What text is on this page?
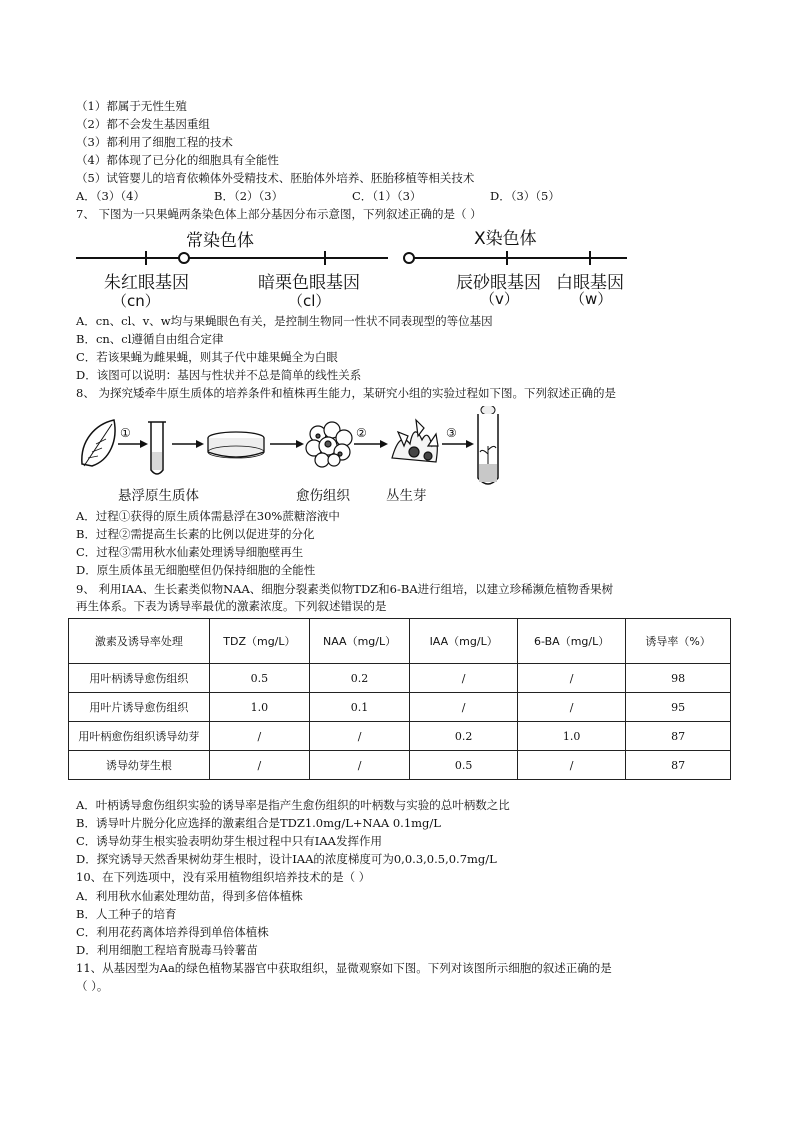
（1）都属于无性生殖
（2）都不会发生基因重组
（3）都利用了细胞工程的技术
（4）都体现了已分化的细胞具有全能性
（5）试管婴儿的培育依赖体外受精技术、胚胎体外培养、胚胎移植等相关技术
A．（3）（4）	B．（2）（3）	C．（1）（3）	D．（3）（5）
7、 下图为一只果蝇两条染色体上部分基因分布示意图，下列叙述正确的是（ ）
常染色体	X染色体
朱红眼基因
（cn）
暗栗色眼基因
（cl）
辰砂眼基因
（v）
白眼基因
（w）
A．cn、cl、v、w均与果蝇眼色有关，是控制生物同一性状不同表现型的等位基因
B．cn、cl遵循自由组合定律
C．若该果蝇为雌果蝇，则其子代中雄果蝇全为白眼
D．该图可以说明：基因与性状并不总是简单的线性关系
8、 为探究矮牵牛原生质体的培养条件和植株再生能力，某研究小组的实验过程如下图。下列叙述正确的是
①	②	③
悬浮原生质体	愈伤组织	丛生芽
A．过程①获得的原生质体需悬浮在30%蔗糖溶液中
B．过程②需提高生长素的比例以促进芽的分化
C．过程③需用秋水仙素处理诱导细胞壁再生
D．原生质体虽无细胞壁但仍保持细胞的全能性
9、 利用IAA、生长素类似物NAA、细胞分裂素类似物TDZ和6-BA进行组培，以建立珍稀濒危植物香果树
再生体系。下表为诱导率最优的激素浓度。下列叙述错误的是
激素及诱导率处理	TDZ（mg/L）	NAA（mg/L）	IAA（mg/L）	6-BA（mg/L）	诱导率（%）
用叶柄诱导愈伤组织	0.5	0.2	/	/	98
用叶片诱导愈伤组织	1.0	0.1	/	/	95
用叶柄愈伤组织诱导幼芽	/	/	0.2	1.0	87
诱导幼芽生根	/	/	0.5	/	87
A．叶柄诱导愈伤组织实验的诱导率是指产生愈伤组织的叶柄数与实验的总叶柄数之比
B．诱导叶片脱分化应选择的激素组合是TDZ1.0mg/L+NAA 0.1mg/L
C．诱导幼芽生根实验表明幼芽生根过程中只有IAA发挥作用
D．探究诱导天然香果树幼芽生根时，设计IAA的浓度梯度可为0,0.3,0.5,0.7mg/L
10、在下列选项中，没有采用植物组织培养技术的是（ ）
A．利用秋水仙素处理幼苗，得到多倍体植株
B．人工种子的培育
C．利用花药离体培养得到单倍体植株
D．利用细胞工程培育脱毒马铃薯苗
11、从基因型为Aa的绿色植物某器官中获取组织，显微观察如下图。下列对该图所示细胞的叙述正确的是
（ ）。
